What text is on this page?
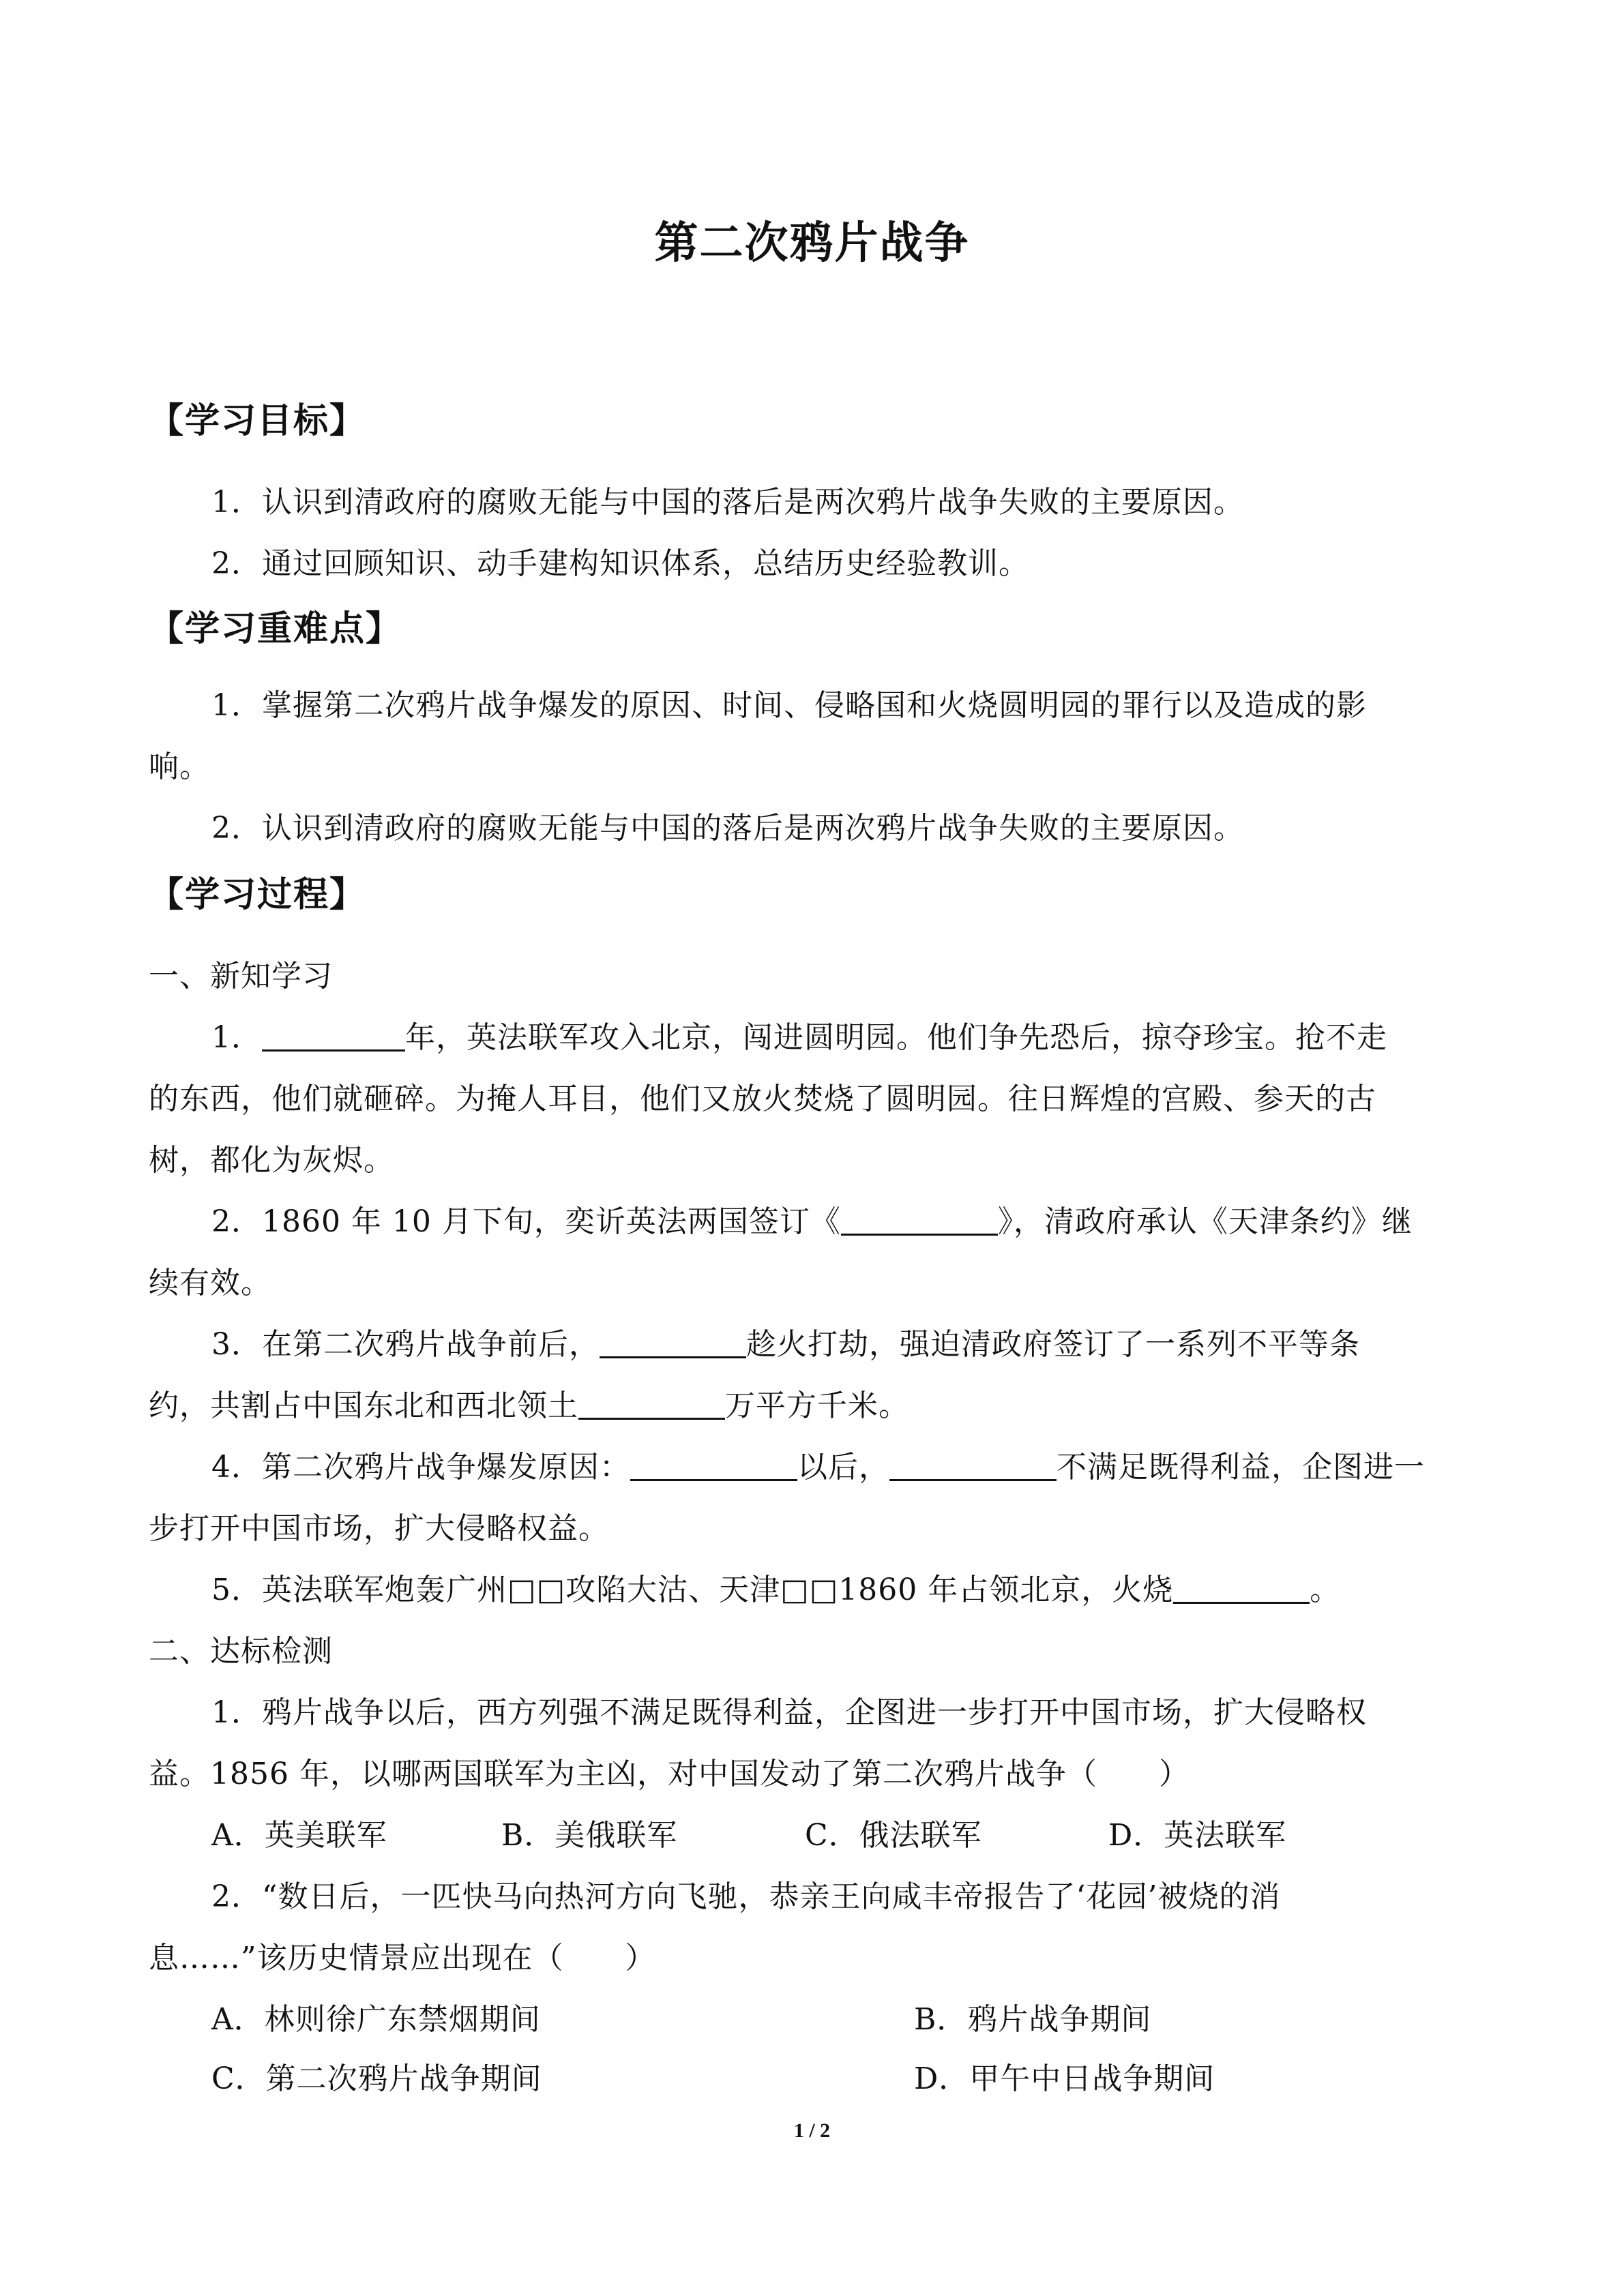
第二次鸦片战争
【学习目标】
1．认识到清政府的腐败无能与中国的落后是两次鸦片战争失败的主要原因。
2．通过回顾知识、动手建构知识体系，总结历史经验教训。
【学习重难点】
1．掌握第二次鸦片战争爆发的原因、时间、侵略国和火烧圆明园的罪行以及造成的影
响。
2．认识到清政府的腐败无能与中国的落后是两次鸦片战争失败的主要原因。
【学习过程】
一、新知学习
1．	年，英法联军攻入北京，闯进圆明园。他们争先恐后，掠夺珍宝。抢不走
的东西，他们就砸碎。为掩人耳目，他们又放火焚烧了圆明园。往日辉煌的宫殿、参天的古
树，都化为灰烬。
2．1860 年 10 月下旬，奕䜣英法两国签订《	》，清政府承认《天津条约》继
续有效。
3．在第二次鸦片战争前后，	趁火打劫，强迫清政府签订了一系列不平等条
约，共割占中国东北和西北领土	万平方千米。
4．第二次鸦片战争爆发原因：	以后，	不满足既得利益，企图进一
步打开中国市场，扩大侵略权益。
5．英法联军炮轰广州□□攻陷大沽、天津□□1860 年占领北京，火烧	。
二、达标检测
1．鸦片战争以后，西方列强不满足既得利益，企图进一步打开中国市场，扩大侵略权
益。1856 年，以哪两国联军为主凶，对中国发动了第二次鸦片战争（　　）
A．英美联军	B．美俄联军	C．俄法联军	D．英法联军
2．“数日后，一匹快马向热河方向飞驰，恭亲王向咸丰帝报告了‘花园’被烧的消
息……”该历史情景应出现在（　　）
A．林则徐广东禁烟期间	B．鸦片战争期间
C．第二次鸦片战争期间	D．甲午中日战争期间
1 / 2
